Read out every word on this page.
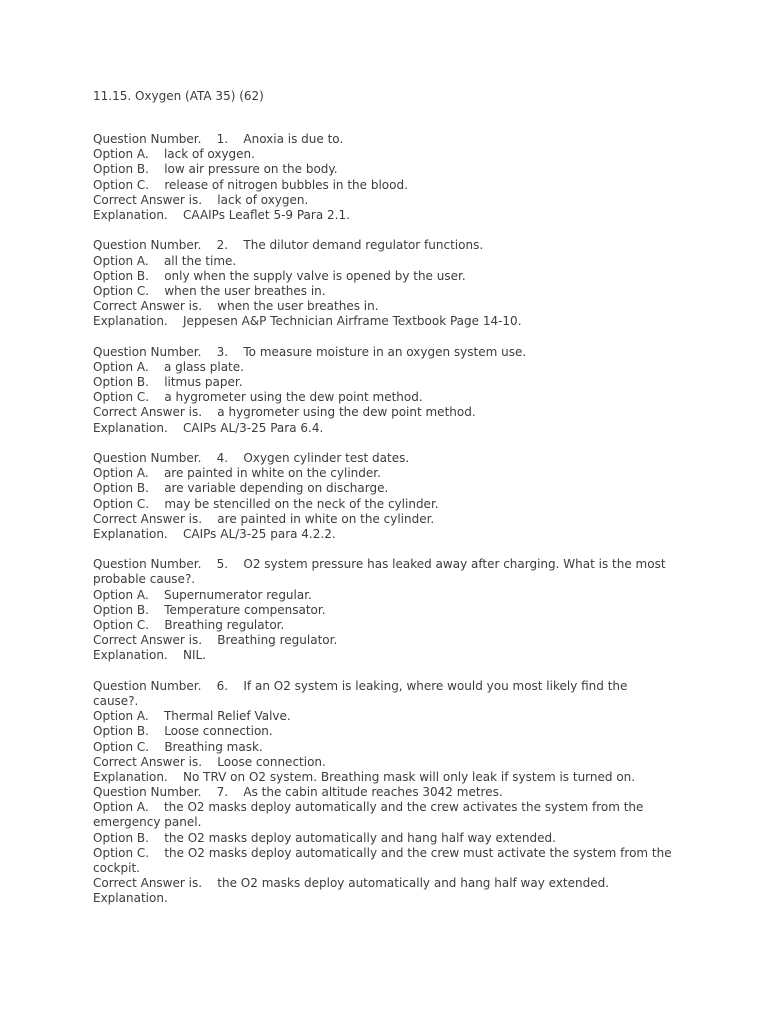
11.15. Oxygen (ATA 35) (62)
Question Number. 1. Anoxia is due to.
Option A. lack of oxygen.
Option B. low air pressure on the body.
Option C. release of nitrogen bubbles in the blood.
Correct Answer is. lack of oxygen.
Explanation. CAAIPs Leaflet 5-9 Para 2.1.
Question Number. 2. The dilutor demand regulator functions.
Option A. all the time.
Option B. only when the supply valve is opened by the user.
Option C. when the user breathes in.
Correct Answer is. when the user breathes in.
Explanation. Jeppesen A&P Technician Airframe Textbook Page 14-10.
Question Number. 3. To measure moisture in an oxygen system use.
Option A. a glass plate.
Option B. litmus paper.
Option C. a hygrometer using the dew point method.
Correct Answer is. a hygrometer using the dew point method.
Explanation. CAIPs AL/3-25 Para 6.4.
Question Number. 4. Oxygen cylinder test dates.
Option A. are painted in white on the cylinder.
Option B. are variable depending on discharge.
Option C. may be stencilled on the neck of the cylinder.
Correct Answer is. are painted in white on the cylinder.
Explanation. CAIPs AL/3-25 para 4.2.2.
Question Number. 5. O2 system pressure has leaked away after charging. What is the most
probable cause?.
Option A. Supernumerator regular.
Option B. Temperature compensator.
Option C. Breathing regulator.
Correct Answer is. Breathing regulator.
Explanation. NIL.
Question Number. 6. If an O2 system is leaking, where would you most likely find the
cause?.
Option A. Thermal Relief Valve.
Option B. Loose connection.
Option C. Breathing mask.
Correct Answer is. Loose connection.
Explanation. No TRV on O2 system. Breathing mask will only leak if system is turned on.
Question Number. 7. As the cabin altitude reaches 3042 metres.
Option A. the O2 masks deploy automatically and the crew activates the system from the
emergency panel.
Option B. the O2 masks deploy automatically and hang half way extended.
Option C. the O2 masks deploy automatically and the crew must activate the system from the
cockpit.
Correct Answer is. the O2 masks deploy automatically and hang half way extended.
Explanation.
